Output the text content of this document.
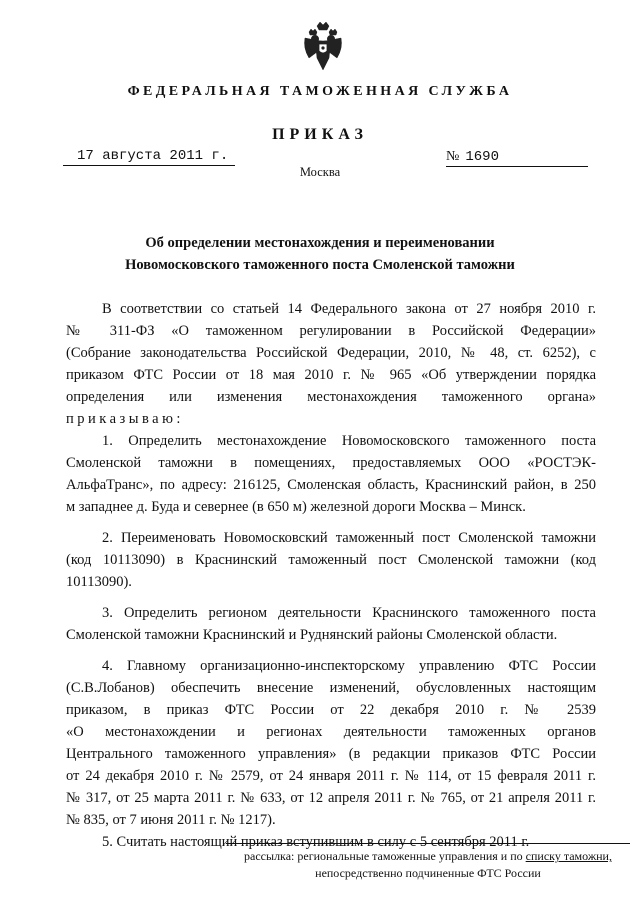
ФЕДЕРАЛЬНАЯ ТАМОЖЕННАЯ СЛУЖБА
ПРИКАЗ
17 августа 2011 г.	№ 1690
Москва
Об определении местонахождения и переименовании
Новомосковского таможенного поста Смоленской таможни
В соответствии со статьей 14 Федерального закона от 27 ноября 2010 г.
№ 311-ФЗ «О таможенном регулировании в Российской Федерации»
(Собрание законодательства Российской Федерации, 2010, № 48, ст. 6252), с
приказом ФТС России от 18 мая 2010 г. № 965 «Об утверждении порядка
определения или изменения местонахождения таможенного органа»
приказываю:
1. Определить местонахождение Новомосковского таможенного поста
Смоленской таможни в помещениях, предоставляемых ООО «РОСТЭК-
АльфаТранс», по адресу: 216125, Смоленская область, Краснинский район, в 250
м западнее д. Буда и севернее (в 650 м) железной дороги Москва – Минск.
2. Переименовать Новомосковский таможенный пост Смоленской таможни
(код 10113090) в Краснинский таможенный пост Смоленской таможни (код
10113090).
3. Определить регионом деятельности Краснинского таможенного поста
Смоленской таможни Краснинский и Руднянский районы Смоленской области.
4. Главному организационно-инспекторскому управлению ФТС России
(С.В.Лобанов) обеспечить внесение изменений, обусловленных настоящим
приказом, в приказ ФТС России от 22 декабря 2010 г. № 2539
«О местонахождении и регионах деятельности таможенных органов
Центрального таможенного управления» (в редакции приказов ФТС России
от 24 декабря 2010 г. № 2579, от 24 января 2011 г. № 114, от 15 февраля 2011 г.
№ 317, от 25 марта 2011 г. № 633, от 12 апреля 2011 г. № 765, от 21 апреля 2011 г.
№ 835, от 7 июня 2011 г. № 1217).
5. Считать настоящий приказ вступившим в силу с 5 сентября 2011 г.
рассылка: региональные таможенные управления и по списку таможни,
непосредственно подчиненные ФТС России
